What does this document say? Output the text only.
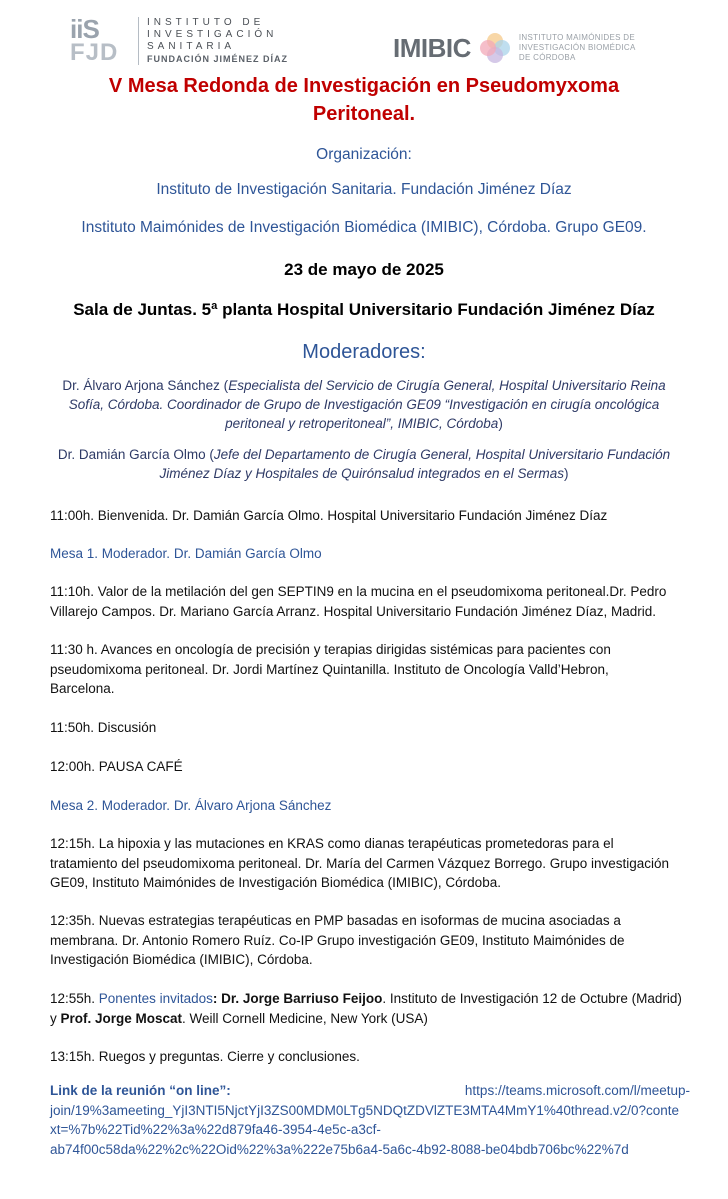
iiS
FJD
INSTITUTO DE
INVESTIGACIÓN
SANITARIA
FUNDACIÓN JIMÉNEZ DÍAZ	IMIBIC	INSTITUTO MAIMÓNIDES DE
INVESTIGACIÓN BIOMÉDICA
DE CÓRDOBA
V Mesa Redonda de Investigación en Pseudomyxoma
Peritoneal.
Organización:
Instituto de Investigación Sanitaria. Fundación Jiménez Díaz
Instituto Maimónides de Investigación Biomédica (IMIBIC), Córdoba. Grupo GE09.
23 de mayo de 2025
Sala de Juntas. 5ª planta Hospital Universitario Fundación Jiménez Díaz
Moderadores:
Dr. Álvaro Arjona Sánchez (Especialista del Servicio de Cirugía General, Hospital Universitario Reina
Sofía, Córdoba. Coordinador de Grupo de Investigación GE09 “Investigación en cirugía oncológica
peritoneal y retroperitoneal”, IMIBIC, Córdoba)
Dr. Damián García Olmo (Jefe del Departamento de Cirugía General, Hospital Universitario Fundación
Jiménez Díaz y Hospitales de Quirónsalud integrados en el Sermas)
11:00h. Bienvenida. Dr. Damián García Olmo. Hospital Universitario Fundación Jiménez Díaz
Mesa 1. Moderador. Dr. Damián García Olmo
11:10h. Valor de la metilación del gen SEPTIN9 en la mucina en el pseudomixoma peritoneal.Dr. Pedro
Villarejo Campos. Dr. Mariano García Arranz. Hospital Universitario Fundación Jiménez Díaz, Madrid.
11:30 h. Avances en oncología de precisión y terapias dirigidas sistémicas para pacientes con
pseudomixoma peritoneal. Dr. Jordi Martínez Quintanilla. Instituto de Oncología Valld’Hebron,
Barcelona.
11:50h. Discusión
12:00h. PAUSA CAFÉ
Mesa 2. Moderador. Dr. Álvaro Arjona Sánchez
12:15h. La hipoxia y las mutaciones en KRAS como dianas terapéuticas prometedoras para el
tratamiento del pseudomixoma peritoneal. Dr. María del Carmen Vázquez Borrego. Grupo investigación
GE09, Instituto Maimónides de Investigación Biomédica (IMIBIC), Córdoba.
12:35h. Nuevas estrategias terapéuticas en PMP basadas en isoformas de mucina asociadas a
membrana. Dr. Antonio Romero Ruíz. Co-IP Grupo investigación GE09, Instituto Maimónides de
Investigación Biomédica (IMIBIC), Córdoba.
12:55h. Ponentes invitados: Dr. Jorge Barriuso Feijoo. Instituto de Investigación 12 de Octubre (Madrid)
y Prof. Jorge Moscat. Weill Cornell Medicine, New York (USA)
13:15h. Ruegos y preguntas. Cierre y conclusiones.
Link de la reunión “on line”:	https://teams.microsoft.com/l/meetup-
join/19%3ameeting_YjI3NTI5NjctYjI3ZS00MDM0LTg5NDQtZDVlZTE3MTA4MmY1%40thread.v2/0?conte
xt=%7b%22Tid%22%3a%22d879fa46-3954-4e5c-a3cf-
ab74f00c58da%22%2c%22Oid%22%3a%222e75b6a4-5a6c-4b92-8088-be04bdb706bc%22%7d
